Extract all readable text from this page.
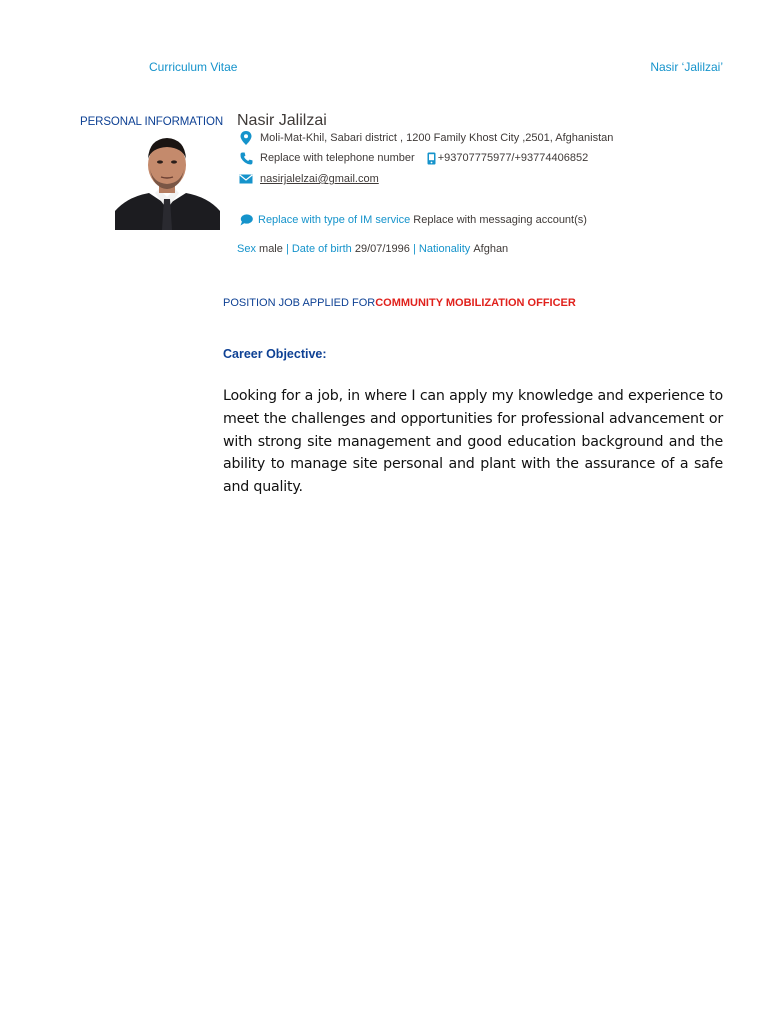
Curriculum Vitae	Nasir ‘Jalilzai’
PERSONAL INFORMATION Nasir Jalilzai
Moli-Mat-Khil, Sabari district , 1200 Family Khost City ,2501, Afghanistan
Replace with telephone number +93707775977/+93774406852
nasirjalelzai@gmail.com
Replace with type of IM service
Replace with messaging account(s)
Sex
male
|
Date of birth
29/07/1996
|
Nationality
Afghan
POSITION JOB APPLIED FORCOMMUNITY MOBILIZATION OFFICER
Career Objective:
Looking for a job, in where I can apply my knowledge and experience to meet the challenges and opportunities for professional advancement or with strong site management and good education background and the ability to manage site personal and plant with the assurance of a safe and quality.
